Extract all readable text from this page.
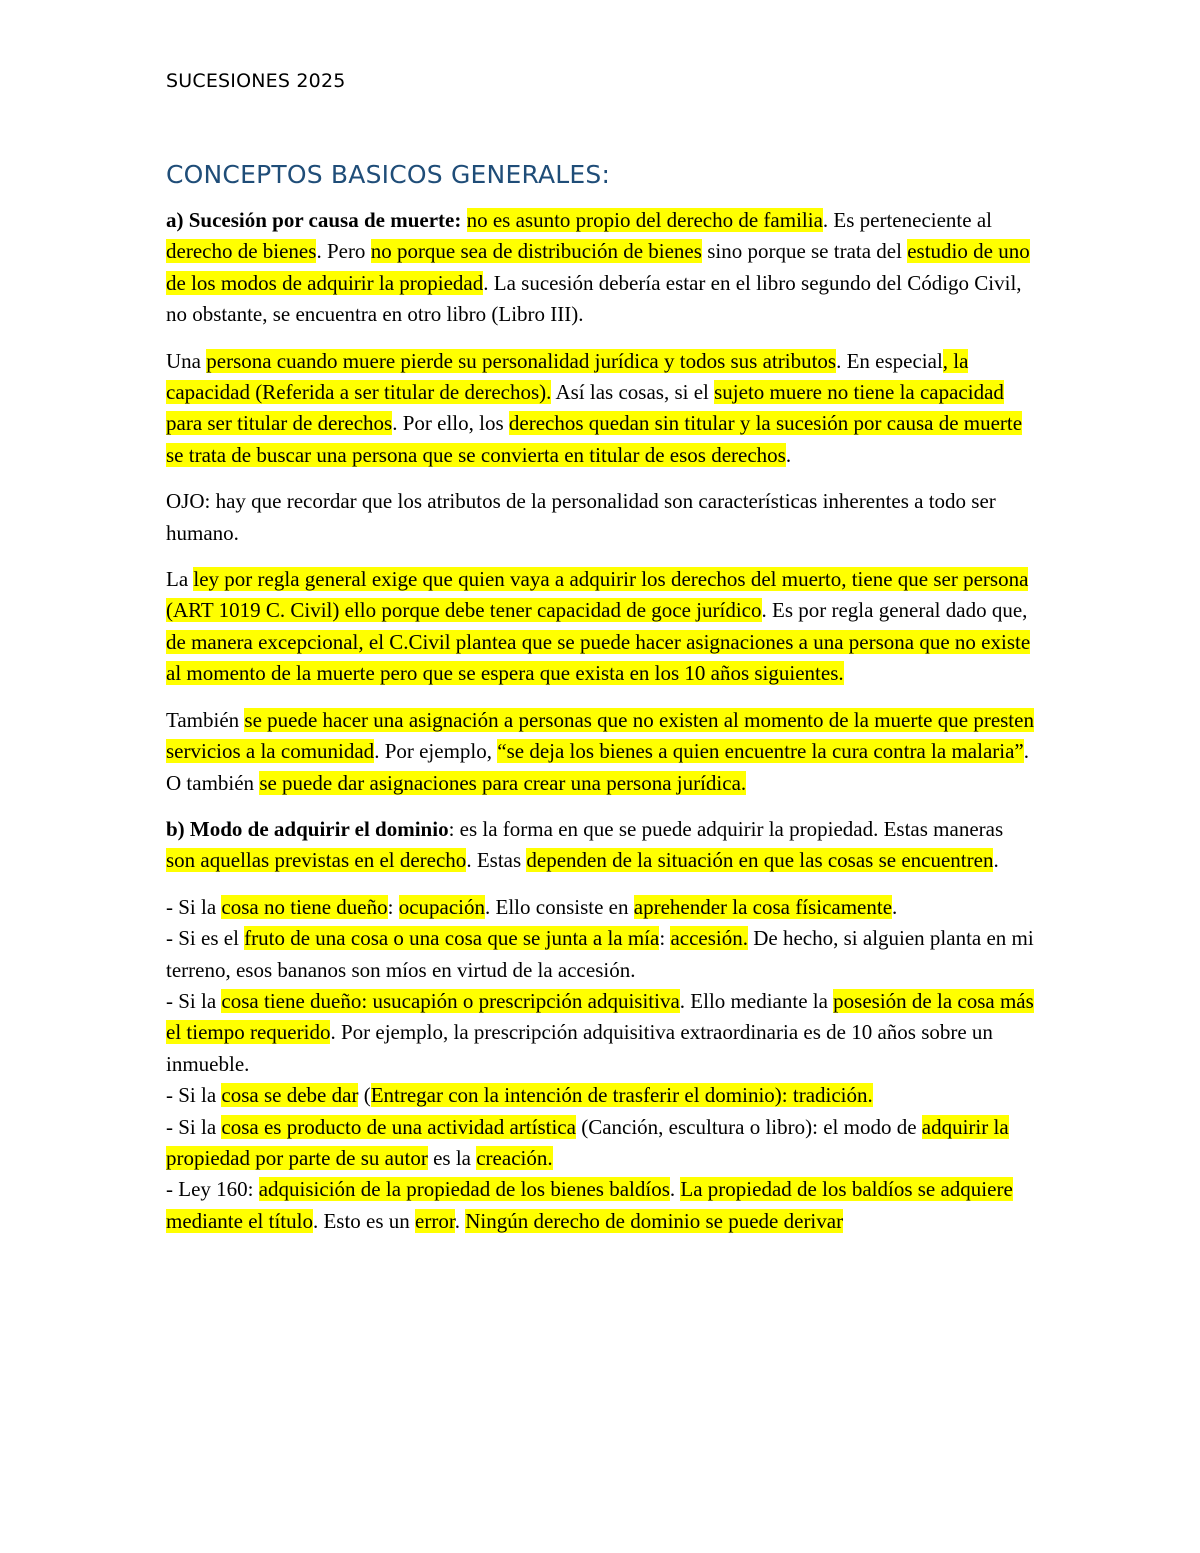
SUCESIONES 2025
CONCEPTOS BASICOS GENERALES:

a) Sucesión por causa de muerte: no es asunto propio del derecho de familia. Es perteneciente al derecho de bienes. Pero no porque sea de distribución de bienes sino porque se trata del estudio de uno de los modos de adquirir la propiedad. La sucesión debería estar en el libro segundo del Código Civil, no obstante, se encuentra en otro libro (Libro III).

Una persona cuando muere pierde su personalidad jurídica y todos sus atributos. En especial, la capacidad (Referida a ser titular de derechos). Así las cosas, si el sujeto muere no tiene la capacidad para ser titular de derechos. Por ello, los derechos quedan sin titular y la sucesión por causa de muerte se trata de buscar una persona que se convierta en titular de esos derechos.

OJO: hay que recordar que los atributos de la personalidad son características inherentes a todo ser humano.

La ley por regla general exige que quien vaya a adquirir los derechos del muerto, tiene que ser persona (ART 1019 C. Civil) ello porque debe tener capacidad de goce jurídico. Es por regla general dado que, de manera excepcional, el C.Civil plantea que se puede hacer asignaciones a una persona que no existe al momento de la muerte pero que se espera que exista en los 10 años siguientes.

También se puede hacer una asignación a personas que no existen al momento de la muerte que presten servicios a la comunidad. Por ejemplo, “se deja los bienes a quien encuentre la cura contra la malaria”. O también se puede dar asignaciones para crear una persona jurídica.

b) Modo de adquirir el dominio: es la forma en que se puede adquirir la propiedad. Estas maneras son aquellas previstas en el derecho. Estas dependen de la situación en que las cosas se encuentren.

- Si la cosa no tiene dueño: ocupación. Ello consiste en aprehender la cosa físicamente.

- Si es el fruto de una cosa o una cosa que se junta a la mía: accesión. De hecho, si alguien planta en mi terreno, esos bananos son míos en virtud de la accesión.

- Si la cosa tiene dueño: usucapión o prescripción adquisitiva. Ello mediante la posesión de la cosa más el tiempo requerido. Por ejemplo, la prescripción adquisitiva extraordinaria es de 10 años sobre un inmueble.

- Si la cosa se debe dar (Entregar con la intención de trasferir el dominio): tradición.

- Si la cosa es producto de una actividad artística (Canción, escultura o libro): el modo de adquirir la propiedad por parte de su autor es la creación.

- Ley 160: adquisición de la propiedad de los bienes baldíos. La propiedad de los baldíos se adquiere mediante el título. Esto es un error. Ningún derecho de dominio se puede derivar
